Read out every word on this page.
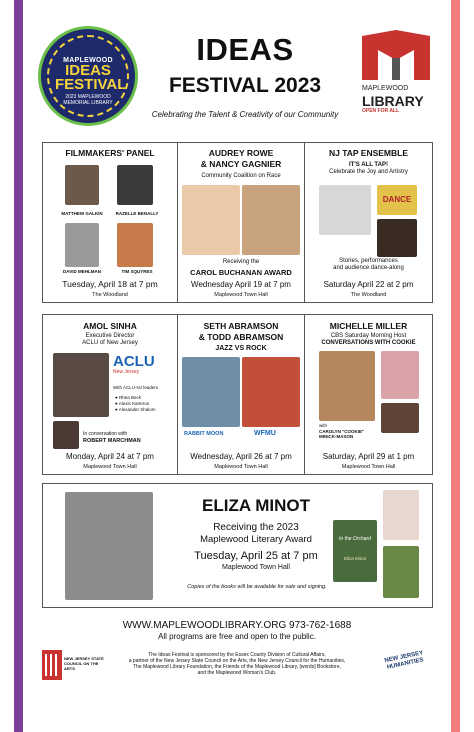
MAPLEWOOD
IDEAS
FESTIVAL
2023 MAPLEWOOD MEMORIAL LIBRARY
IDEAS
FESTIVAL 2023
Celebrating the Talent & Creativity of our Community
MAPLEWOOD
LIBRARY
OPEN FOR ALL
FILMMAKERS' PANEL
MATTHEW GALKIN	RAZELLE BENALLY
DAVID MEHLMAN	TIM SQUYRES
Tuesday, April 18 at 7 pm
The Woodland
AUDREY ROWE
& NANCY GAGNIER
Community Coalition on Race
Receiving the
CAROL BUCHANAN AWARD
Wednesday April 19 at 7 pm
Maplewood Town Hall
NJ TAP ENSEMBLE
IT'S ALL TAP!
Celebrate the Joy and Artistry
DANCE
Stories, performances
and audience dance-along
Saturday April 22 at 2 pm
The Woodland
AMOL SINHA
Executive Director
ACLU of New Jersey
ACLU
New Jersey
With ACLU-NJ leaders
● Rhea Beck
● Alexis Karteron
● Alexander Shalom
In conversation with
ROBERT MARCHMAN
Monday, April 24 at 7 pm
Maplewood Town Hall
SETH ABRAMSON
& TODD ABRAMSON
JAZZ VS ROCK
RABBIT MOON	WFMU
Wednesday, April 26 at 7 pm
Maplewood Town Hall
MICHELLE MILLER
CBS Saturday Morning Host
CONVERSATIONS WITH COOKIE
with
CAROLYN "COOKIE" MINICK-MASON
Saturday, April 29 at 1 pm
Maplewood Town Hall
ELIZA MINOT
Receiving the 2023
Maplewood Literary Award
Tuesday, April 25 at 7 pm
Maplewood Town Hall
Copies of the books will be available for sale and signing.
In the Orchard
Eliza Minot
WWW.MAPLEWOODLIBRARY.ORG 973-762-1688
All programs are free and open to the public.
NEW JERSEY STATE COUNCIL ON THE ARTS
The Ideas Festival is sponsored by the Essex County Division of Cultural Affairs,
a partner of the New Jersey State Council on the Arts, the New Jersey Council for the Humanities,
The Maplewood Library Foundation, the Friends of the Maplewood Library, [words] Bookstore,
and the Maplewood Woman's Club.
NEW JERSEY HUMANITIES
